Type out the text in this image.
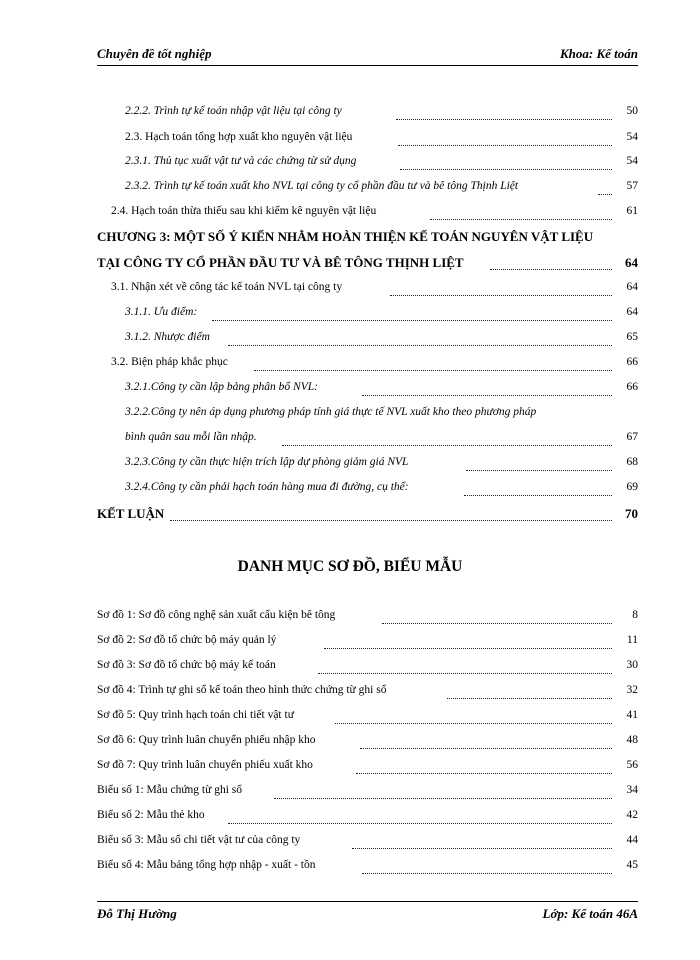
Chuyên đề tốt nghiệp	Khoa: Kế toán
2.2.2. Trình tự kế toán nhập vật liệu tại công ty	50
2.3. Hạch toán tổng hợp xuất kho nguyên vật liệu	54
2.3.1. Thủ tục xuất vật tư và các chứng từ sử dụng	54
2.3.2. Trình tự kế toán xuất kho NVL tại công ty cổ phần đầu tư và bê tông Thịnh Liệt	57
2.4. Hạch toán thừa thiếu sau khi kiểm kê nguyên vật liệu	61
CHƯƠNG 3: MỘT SỐ Ý KIẾN NHẰM HOÀN THIỆN KẾ TOÁN NGUYÊN VẬT LIỆU
TẠI CÔNG TY CỔ PHẦN ĐẦU TƯ VÀ BÊ TÔNG THỊNH LIỆT	64
3.1. Nhận xét về công tác kế toán NVL tại công ty	64
3.1.1. Ưu điểm:	64
3.1.2. Nhược điểm	65
3.2. Biện pháp khắc phục	66
3.2.1.Công ty cần lập bảng phân bổ NVL:	66
3.2.2.Công ty nên áp dụng phương pháp tính giá thực tế NVL xuất kho theo phương pháp
bình quân sau mỗi lần nhập.	67
3.2.3.Công ty cần thực hiện trích lập dự phòng giảm giá NVL	68
3.2.4.Công ty cần phải hạch toán hàng mua đi đường, cụ thể:	69
KẾT LUẬN	70
DANH MỤC SƠ ĐỒ, BIỂU MẪU
Sơ đồ 1: Sơ đồ công nghệ sản xuất cấu kiện bê tông	8
Sơ đồ 2: Sơ đồ tổ chức bộ máy quản lý	11
Sơ đồ 3: Sơ đồ tổ chức bộ máy kế toán	30
Sơ đồ 4: Trình tự ghi sổ kế toán theo hình thức chứng từ ghi sổ	32
Sơ đồ 5: Quy trình hạch toán chi tiết vật tư	41
Sơ đồ 6: Quy trình luân chuyển phiếu nhập kho	48
Sơ đồ 7: Quy trình luân chuyển phiếu xuất kho	56
Biểu số 1: Mẫu chứng từ ghi sổ	34
Biểu số 2: Mẫu thẻ kho	42
Biểu số 3: Mẫu sổ chi tiết vật tư của công ty	44
Biểu số 4: Mẫu bảng tổng hợp nhập - xuất - tồn	45
Đỗ Thị Hường	Lớp: Kế toán 46A
